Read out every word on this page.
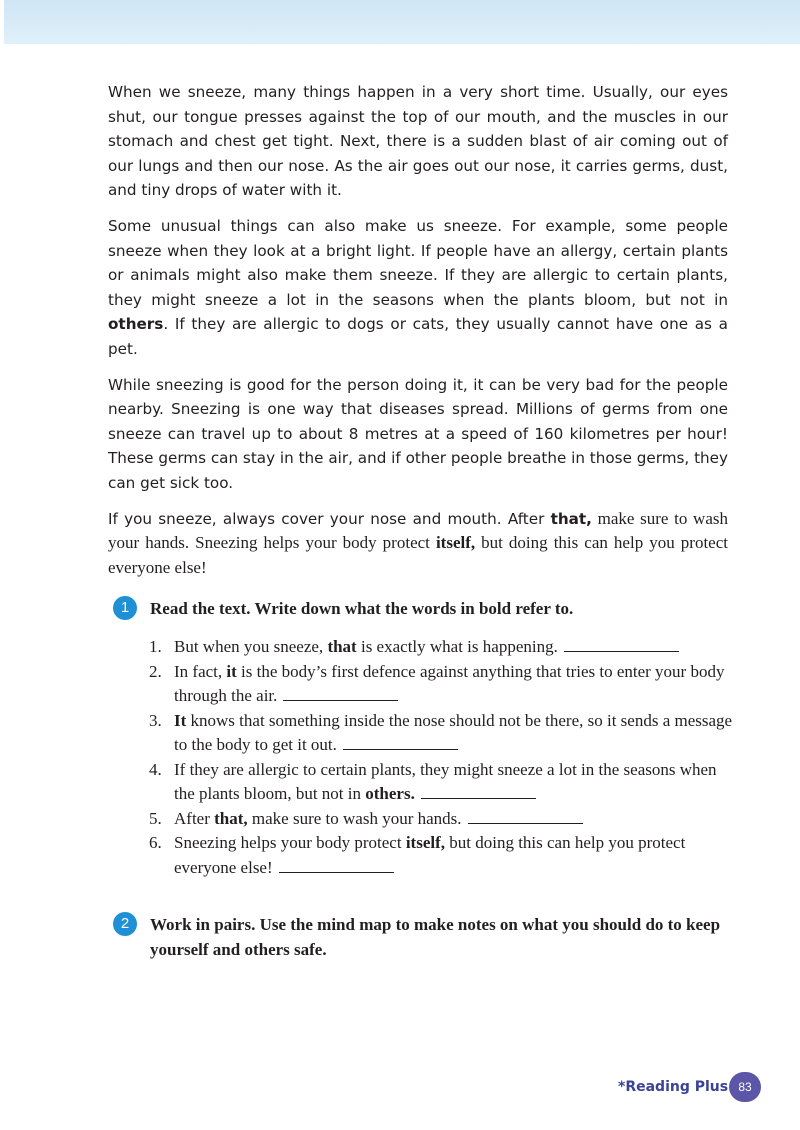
When we sneeze, many things happen in a very short time. Usually, our eyes shut, our tongue presses against the top of our mouth, and the muscles in our stomach and chest get tight. Next, there is a sudden blast of air coming out of our lungs and then our nose. As the air goes out our nose, it carries germs, dust, and tiny drops of water with it.

Some unusual things can also make us sneeze. For example, some people sneeze when they look at a bright light. If people have an allergy, certain plants or animals might also make them sneeze. If they are allergic to certain plants, they might sneeze a lot in the seasons when the plants bloom, but not in others. If they are allergic to dogs or cats, they usually cannot have one as a pet.

While sneezing is good for the person doing it, it can be very bad for the people nearby. Sneezing is one way that diseases spread. Millions of germs from one sneeze can travel up to about 8 metres at a speed of 160 kilometres per hour! These germs can stay in the air, and if other people breathe in those germs, they can get sick too.

If you sneeze, always cover your nose and mouth. After that, make sure to wash your hands. Sneezing helps your body protect itself, but doing this can help you protect everyone else!

1	Read the text. Write down what the words in bold refer to.
1. But when you sneeze, that is exactly what is happening.
2. In fact, it is the body’s first defence against anything that tries to enter your body through the air.
3. It knows that something inside the nose should not be there, so it sends a message to the body to get it out.
4. If they are allergic to certain plants, they might sneeze a lot in the seasons when the plants bloom, but not in others.
5. After that, make sure to wash your hands.
6. Sneezing helps your body protect itself, but doing this can help you protect everyone else!
2	Work in pairs. Use the mind map to make notes on what you should do to keep yourself and others safe.
*Reading Plus 83
